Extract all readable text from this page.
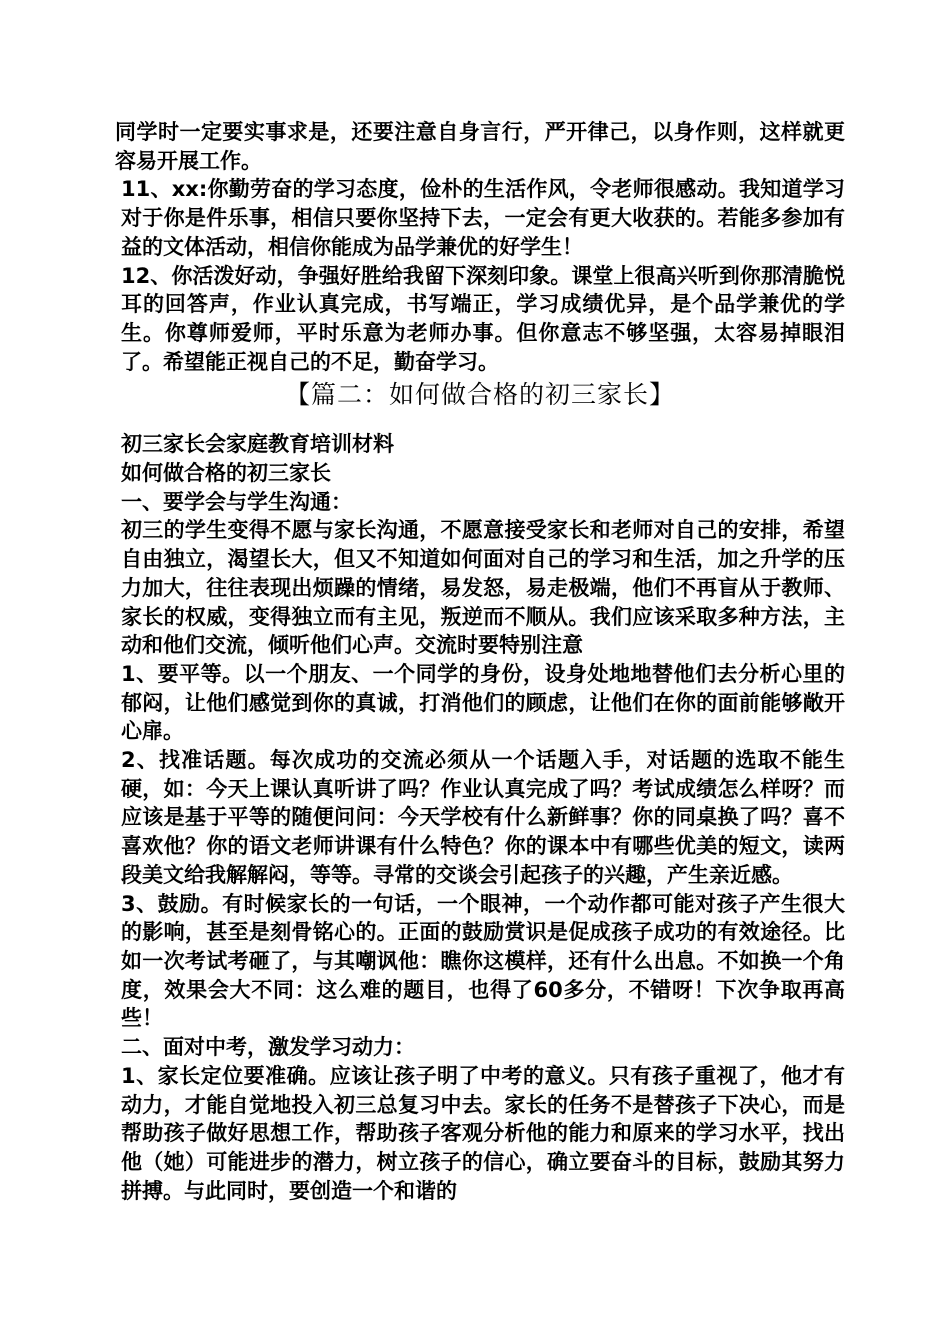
同学时一定要实事求是，还要注意自身言行，严开律己，以身作则，这样就更容易开展工作。

11、xx:你勤劳奋的学习态度，俭朴的生活作风，令老师很感动。我知道学习对于你是件乐事，相信只要你坚持下去，一定会有更大收获的。若能多参加有益的文体活动，相信你能成为品学兼优的好学生！

12、你活泼好动，争强好胜给我留下深刻印象。课堂上很高兴听到你那清脆悦耳的回答声，作业认真完成，书写端正，学习成绩优异，是个品学兼优的学生。你尊师爱师，平时乐意为老师办事。但你意志不够坚强，太容易掉眼泪了。希望能正视自己的不足，勤奋学习。

【篇二：如何做合格的初三家长】

初三家长会家庭教育培训材料

如何做合格的初三家长

一、要学会与学生沟通：

初三的学生变得不愿与家长沟通，不愿意接受家长和老师对自己的安排，希望自由独立，渴望长大，但又不知道如何面对自己的学习和生活，加之升学的压力加大，往往表现出烦躁的情绪，易发怒，易走极端，他们不再盲从于教师、家长的权威，变得独立而有主见，叛逆而不顺从。我们应该采取多种方法，主动和他们交流，倾听他们心声。交流时要特别注意

1、要平等。以一个朋友、一个同学的身份，设身处地地替他们去分析心里的郁闷，让他们感觉到你的真诚，打消他们的顾虑，让他们在你的面前能够敞开心扉。

2、找准话题。每次成功的交流必须从一个话题入手，对话题的选取不能生硬，如：今天上课认真听讲了吗？作业认真完成了吗？考试成绩怎么样呀？而应该是基于平等的随便问问：今天学校有什么新鲜事？你的同桌换了吗？喜不喜欢他？你的语文老师讲课有什么特色？你的课本中有哪些优美的短文，读两段美文给我解解闷，等等。寻常的交谈会引起孩子的兴趣，产生亲近感。

3、鼓励。有时候家长的一句话，一个眼神，一个动作都可能对孩子产生很大的影响，甚至是刻骨铭心的。正面的鼓励赏识是促成孩子成功的有效途径。比如一次考试考砸了，与其嘲讽他：瞧你这模样，还有什么出息。不如换一个角度，效果会大不同：这么难的题目，也得了60多分，不错呀！下次争取再高些！

二、面对中考，激发学习动力：

1、家长定位要准确。应该让孩子明了中考的意义。只有孩子重视了，他才有动力，才能自觉地投入初三总复习中去。家长的任务不是替孩子下决心，而是帮助孩子做好思想工作，帮助孩子客观分析他的能力和原来的学习水平，找出他（她）可能进步的潜力，树立孩子的信心，确立要奋斗的目标，鼓励其努力拼搏。与此同时，要创造一个和谐的
